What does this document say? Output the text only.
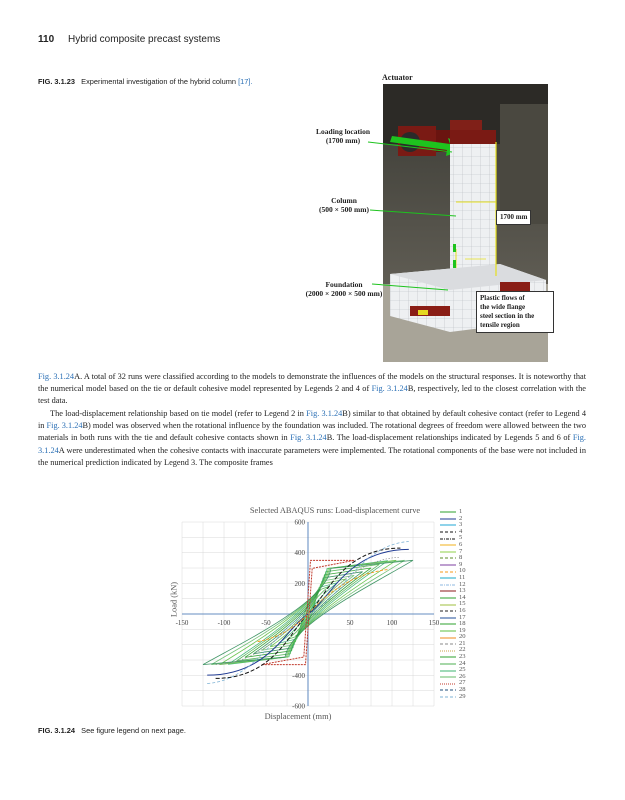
110 Hybrid composite precast systems
FIG. 3.1.23 Experimental investigation of the hybrid column [17].	Actuator
Loading location
(1700 mm)
Column
(500 × 500 mm)
Foundation
(2000 × 2000 × 500 mm)
1700 mm
Plastic flows of
the wide flange
steel section in the
tensile region
Fig. 3.1.24A. A total of 32 runs were classified according to the models to demonstrate the influences of the models on the structural responses. It is noteworthy that the numerical model based on the tie or default cohesive model represented by Legends 2 and 4 of Fig. 3.1.24B, respectively, led to the closest correlation with the test data.
The load-displacement relationship based on tie model (refer to Legend 2 in Fig. 3.1.24B) similar to that obtained by default cohesive contact (refer to Legend 4 in Fig. 3.1.24B) model was observed when the rotational influence by the foundation was included. The rotational degrees of freedom were allowed between the two materials in both runs with the tie and default cohesive contacts shown in Fig. 3.1.24B. The load-displacement relationships indicated by Legends 5 and 6 of Fig. 3.1.24A were underestimated when the cohesive contacts with inaccurate parameters were implemented. The rotational components of the base were not included in the numerical prediction indicated by Legend 3. The composite frames
Selected ABAQUS runs: Load-displacement curve
Displacement (mm)
Load (kN)
-150	-100	-50	50	100	150
600
400
200
-400
-600
1
2
3
4
5
6
7
8
9
10
11
12
13
14
15
16
17
18
19
20
21
22
23
24
25
26
27
28
29
FIG. 3.1.24 See figure legend on next page.
